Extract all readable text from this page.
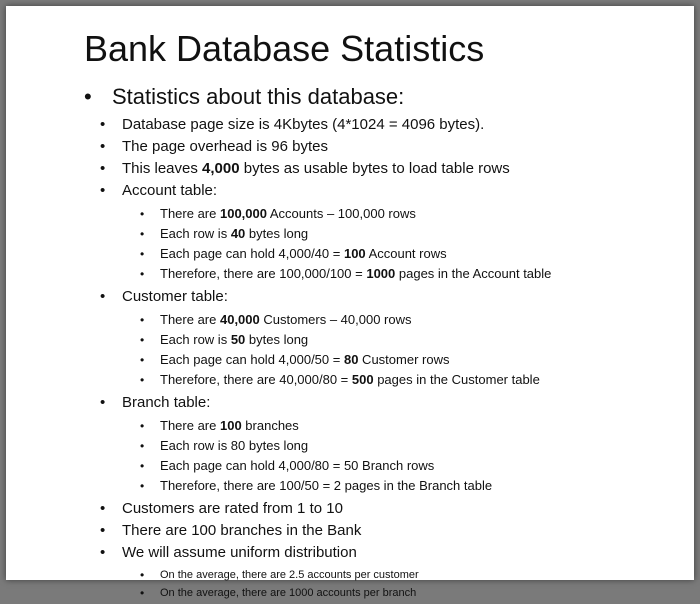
Bank Database Statistics
• Statistics about this database:
• Database page size is 4Kbytes (4*1024 = 4096 bytes).
• The page overhead is 96 bytes
• This leaves 4,000 bytes as usable bytes to load table rows
• Account table:
• There are 100,000 Accounts – 100,000 rows
• Each row is 40 bytes long
• Each page can hold 4,000/40 = 100 Account rows
• Therefore, there are 100,000/100 = 1000 pages in the Account table
• Customer table:
• There are 40,000 Customers – 40,000 rows
• Each row is 50 bytes long
• Each page can hold 4,000/50 = 80 Customer rows
• Therefore, there are 40,000/80 = 500 pages in the Customer table
• Branch table:
• There are 100 branches
• Each row is 80 bytes long
• Each page can hold 4,000/80 = 50 Branch rows
• Therefore, there are 100/50 = 2 pages in the Branch table
• Customers are rated from 1 to 10
• There are 100 branches in the Bank
• We will assume uniform distribution
• On the average, there are 2.5 accounts per customer
• On the average, there are 1000 accounts per branch
